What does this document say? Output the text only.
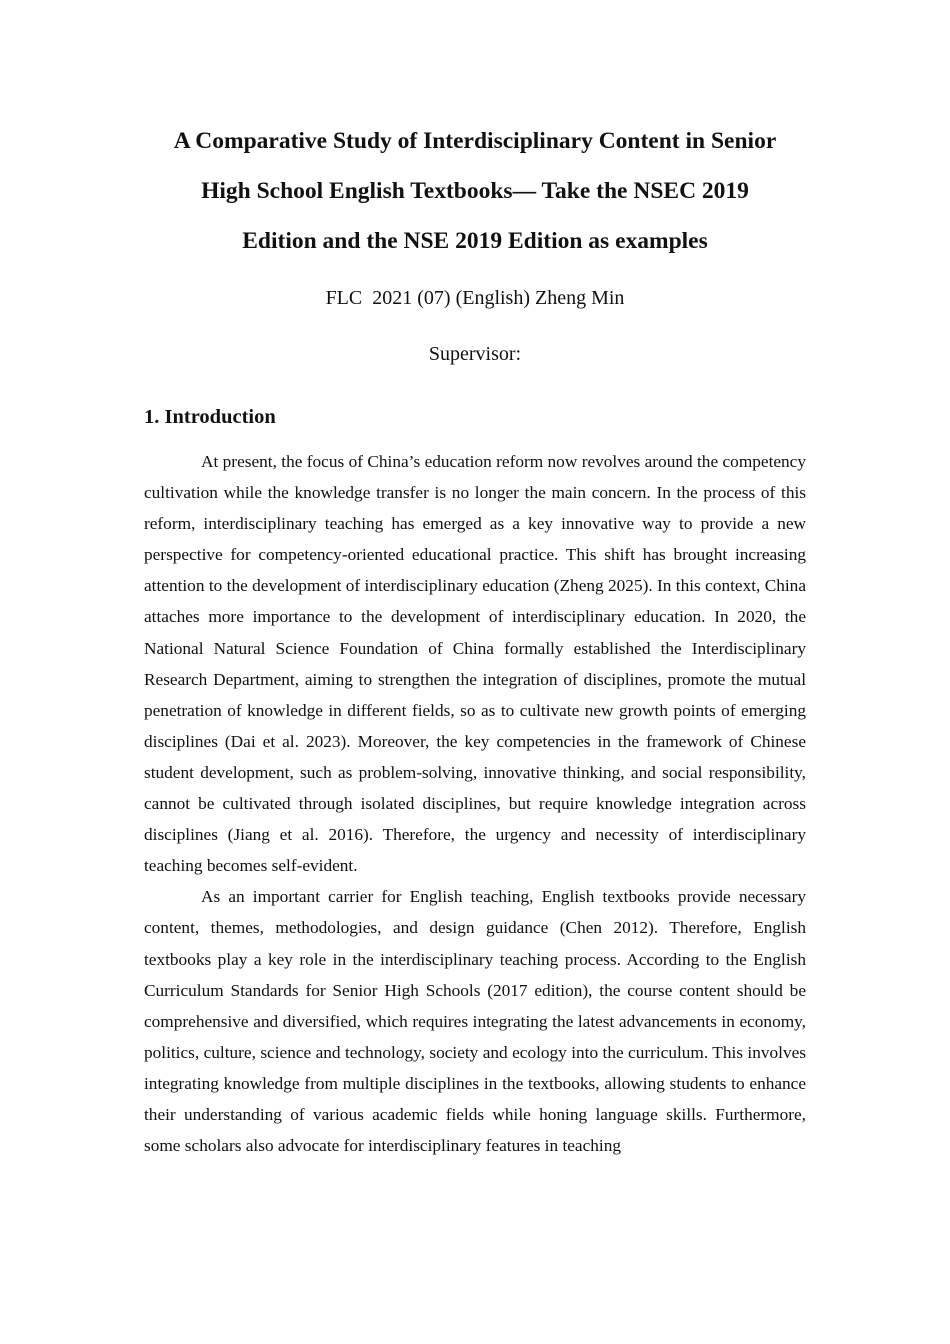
A Comparative Study of Interdisciplinary Content in Senior
High School English Textbooks— Take the NSEC 2019
Edition and the NSE 2019 Edition as examples
FLC  2021 (07) (English) Zheng Min
Supervisor:
1. Introduction

At present, the focus of China’s education reform now revolves around the competency cultivation while the knowledge transfer is no longer the main concern. In the process of this reform, interdisciplinary teaching has emerged as a key innovative way to provide a new perspective for competency-oriented educational practice. This shift has brought increasing attention to the development of interdisciplinary education (Zheng 2025). In this context, China attaches more importance to the development of interdisciplinary education. In 2020, the National Natural Science Foundation of China formally established the Interdisciplinary Research Department, aiming to strengthen the integration of disciplines, promote the mutual penetration of knowledge in different fields, so as to cultivate new growth points of emerging disciplines (Dai et al. 2023). Moreover, the key competencies in the framework of Chinese student development, such as problem-solving, innovative thinking, and social responsibility, cannot be cultivated through isolated disciplines, but require knowledge integration across disciplines (Jiang et al. 2016). Therefore, the urgency and necessity of interdisciplinary teaching becomes self-evident.

As an important carrier for English teaching, English textbooks provide necessary content, themes, methodologies, and design guidance (Chen 2012). Therefore, English textbooks play a key role in the interdisciplinary teaching process. According to the English Curriculum Standards for Senior High Schools (2017 edition), the course content should be comprehensive and diversified, which requires integrating the latest advancements in economy, politics, culture, science and technology, society and ecology into the curriculum. This involves integrating knowledge from multiple disciplines in the textbooks, allowing students to enhance their understanding of various academic fields while honing language skills. Furthermore, some scholars also advocate for interdisciplinary features in teaching
